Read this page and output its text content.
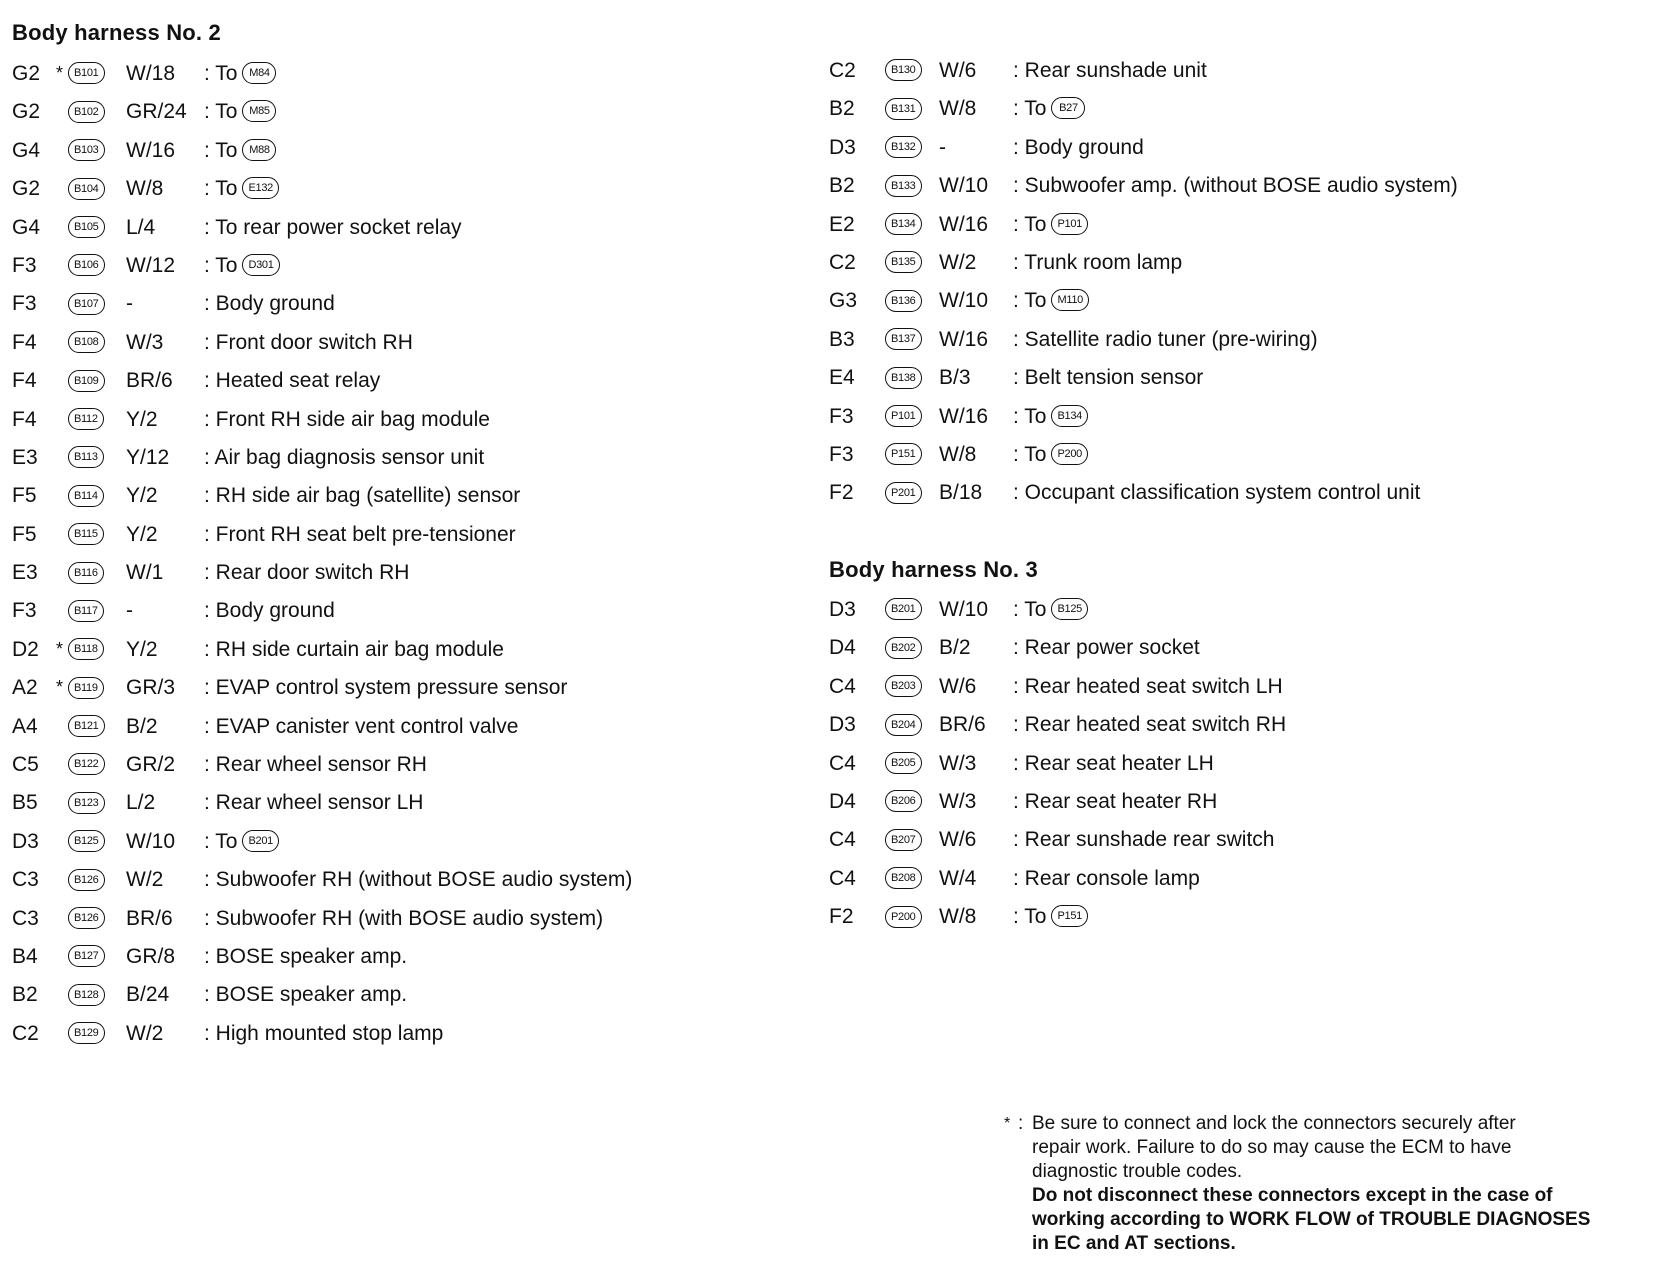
Body harness No. 2
G2 * B101 W/18 : To	M84
G2	B102 GR/24 : To	M85
G4	B103 W/16 : To	M88
G2	B104 W/8 : To	E132
G4	B105 L/4 : To rear power socket relay
F3	B106 W/12 : To	D301
F3	B107 -	: Body ground
F4	B108 W/3 : Front door switch RH
F4	B109 BR/6 : Heated seat relay
F4	B112 Y/2 : Front RH side air bag module
E3	B113 Y/12 : Air bag diagnosis sensor unit
F5	B114 Y/2 : RH side air bag (satellite) sensor
F5	B115 Y/2 : Front RH seat belt pre-tensioner
E3	B116 W/1 : Rear door switch RH
F3	B117 -	: Body ground
D2 * B118 Y/2 : RH side curtain air bag module
A2 * B119 GR/3 : EVAP control system pressure sensor
A4	B121 B/2 : EVAP canister vent control valve
C5	B122 GR/2 : Rear wheel sensor RH
B5	B123 L/2 : Rear wheel sensor LH
D3	B125 W/10 : To	B201
C3	B126 W/2 : Subwoofer RH (without BOSE audio system)
C3	B126 BR/6 : Subwoofer RH (with BOSE audio system)
B4	B127 GR/8 : BOSE speaker amp.
B2	B128 B/24 : BOSE speaker amp.
C2	B129 W/2 : High mounted stop lamp
C2	B130 W/6 : Rear sunshade unit
B2	B131 W/8 : To	B27
D3	B132 -	: Body ground
B2	B133 W/10 : Subwoofer amp. (without BOSE audio system)
E2	B134 W/16 : To	P101
C2	B135 W/2 : Trunk room lamp
G3	B136 W/10 : To	M110
B3	B137 W/16 : Satellite radio tuner (pre-wiring)
E4	B138 B/3 : Belt tension sensor
F3	P101 W/16 : To	B134
F3	P151 W/8 : To	P200
F2	P201 B/18 : Occupant classification system control unit
Body harness No. 3
D3	B201 W/10 : To	B125
D4	B202 B/2 : Rear power socket
C4	B203 W/6 : Rear heated seat switch LH
D3	B204 BR/6 : Rear heated seat switch RH
C4	B205 W/3 : Rear seat heater LH
D4	B206 W/3 : Rear seat heater RH
C4	B207 W/6 : Rear sunshade rear switch
C4	B208 W/4 : Rear console lamp
F2	P200 W/8 : To	P151
* : Be sure to connect and lock the connectors securely after
repair work. Failure to do so may cause the ECM to have
diagnostic trouble codes.
Do not disconnect these connectors except in the case of
working according to WORK FLOW of TROUBLE DIAGNOSES
in EC and AT sections.
